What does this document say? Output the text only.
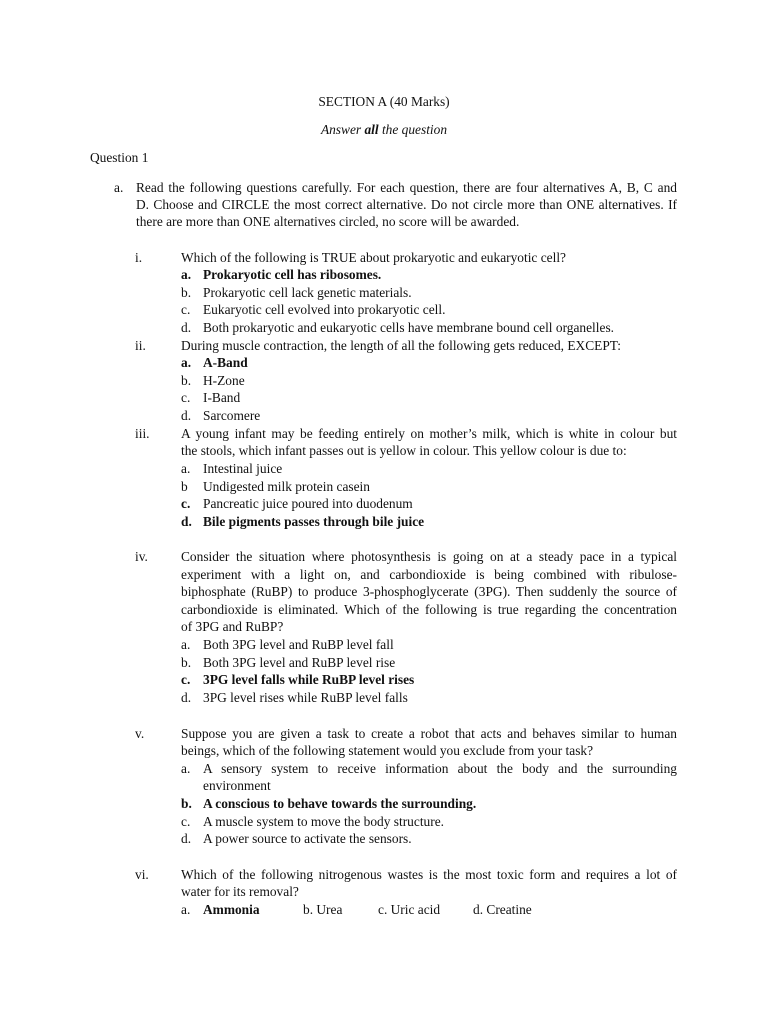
SECTION A (40 Marks)
Answer all the question
Question 1
a. Read the following questions carefully. For each question, there are four alternatives A, B, C and
D. Choose and CIRCLE the most correct alternative. Do not circle more than ONE alternatives. If
there are more than ONE alternatives circled, no score will be awarded.
i.	Which of the following is TRUE about prokaryotic and eukaryotic cell?
a. Prokaryotic cell has ribosomes.
b. Prokaryotic cell lack genetic materials.
c. Eukaryotic cell evolved into prokaryotic cell.
d. Both prokaryotic and eukaryotic cells have membrane bound cell organelles.
ii.	During muscle contraction, the length of all the following gets reduced, EXCEPT:
a. A-Band
b. H-Zone
c. I-Band
d. Sarcomere
iii. A young infant may be feeding entirely on mother’s milk, which is white in colour but
the stools, which infant passes out is yellow in colour. This yellow colour is due to:
a. Intestinal juice
b Undigested milk protein casein
c. Pancreatic juice poured into duodenum
d. Bile pigments passes through bile juice
iv. Consider the situation where photosynthesis is going on at a steady pace in a typical
experiment with a light on, and carbondioxide is being combined with ribulose-
biphosphate (RuBP) to produce 3-phosphoglycerate (3PG). Then suddenly the source of
carbondioxide is eliminated. Which of the following is true regarding the concentration
of 3PG and RuBP?
a. Both 3PG level and RuBP level fall
b. Both 3PG level and RuBP level rise
c. 3PG level falls while RuBP level rises
d. 3PG level rises while RuBP level falls
v.	Suppose you are given a task to create a robot that acts and behaves similar to human
beings, which of the following statement would you exclude from your task?
a. A sensory system to receive information about the body and the surrounding
environment
b. A conscious to behave towards the surrounding.
c. A muscle system to move the body structure.
d. A power source to activate the sensors.
vi. Which of the following nitrogenous wastes is the most toxic form and requires a lot of
water for its removal?
a. Ammonia	b. Urea	c. Uric acid d. Creatine
